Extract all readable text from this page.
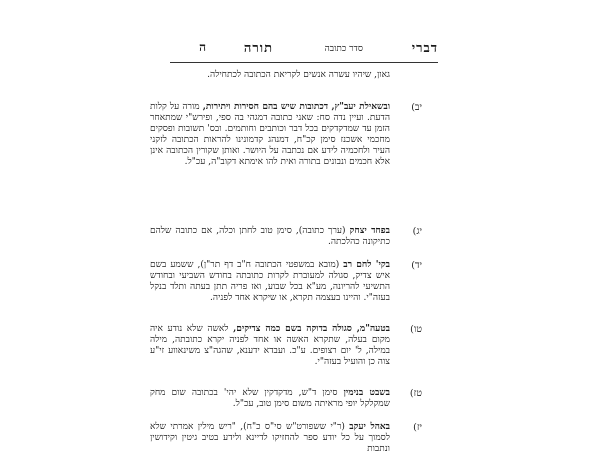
דברי
סדר כתובה
תורה
ה
גאון, שיהיו עשרה אנשים לקריאת הכתובה לכתחילה.
יב)
ובשאילת יעב"ץ, דכתובות שיש בהם חסירות ויתירות, מורה על קלות הדעת. ועיין נדה סח: שאני כתובה דמגהי בה ספי, ופירש"י שמתאחר הזמן עד שמדקדקים בכל דבר וכותבים וחותמים. ובס' תשובות ופסקים מחכמי אשכנז סימן קכ"ח, דמנהג קדמונינו להראות הכתובה לזקני העיר ולחכמיה לידע אם נכתבה על היושר. ואותן שקורין הכתובה אינן אלא חכמים ונבונים בתורה ואית להו אימתא דקוב"ה, עכ"ל.
יג)
בפחד יצחק (ערך כתובה), סימן טוב לחתן וכלה, אם כתובה שלהם כתיקונה כהלכתה.
יד)
בקי' לחם רב (מובא במשפטי הכתובה ח"ב דף תר"ן), ששמע בשם איש צדיק, סגולה למעוברת לקרות כתובתה בחודש השביעי ובחודש התשיעי להריונה, מע"א בכל שבוע, ואז פריה תתן בעתה ותלד בנקל בעזה"י. והיינו בעצמה תקרא, או שיקרא אחד לפניה.
טו)
בטעה"מ, סגולה בדוקה בשם כמה צדיקים, לאשה שלא נודע איה מקום בעלה, שתקרא האשה או אחד לפניה יקרא כתובתה, מילה במילה, ל' יום רצופים. ע"כ. ועבדא ידענא, שהגה"צ משינאווע זי"ע צוה כן והועיל בעזה"י.
טז)
בשבט בנימין סימן ד"ש, מדקדקין שלא יהי' בכתובה שום מחק שמקלקל יופי מראיתה משום סימן טוב, עכ"ל.
יז)
באהל יעקב (ר"י ששפורט"ש סי"ס כ"ח), "ריש מילין אמרתי שלא לסמוך על כל יודע ספר להחזיקו לדיינא ולידע בטיב גיטין וקידושין ונתבות
